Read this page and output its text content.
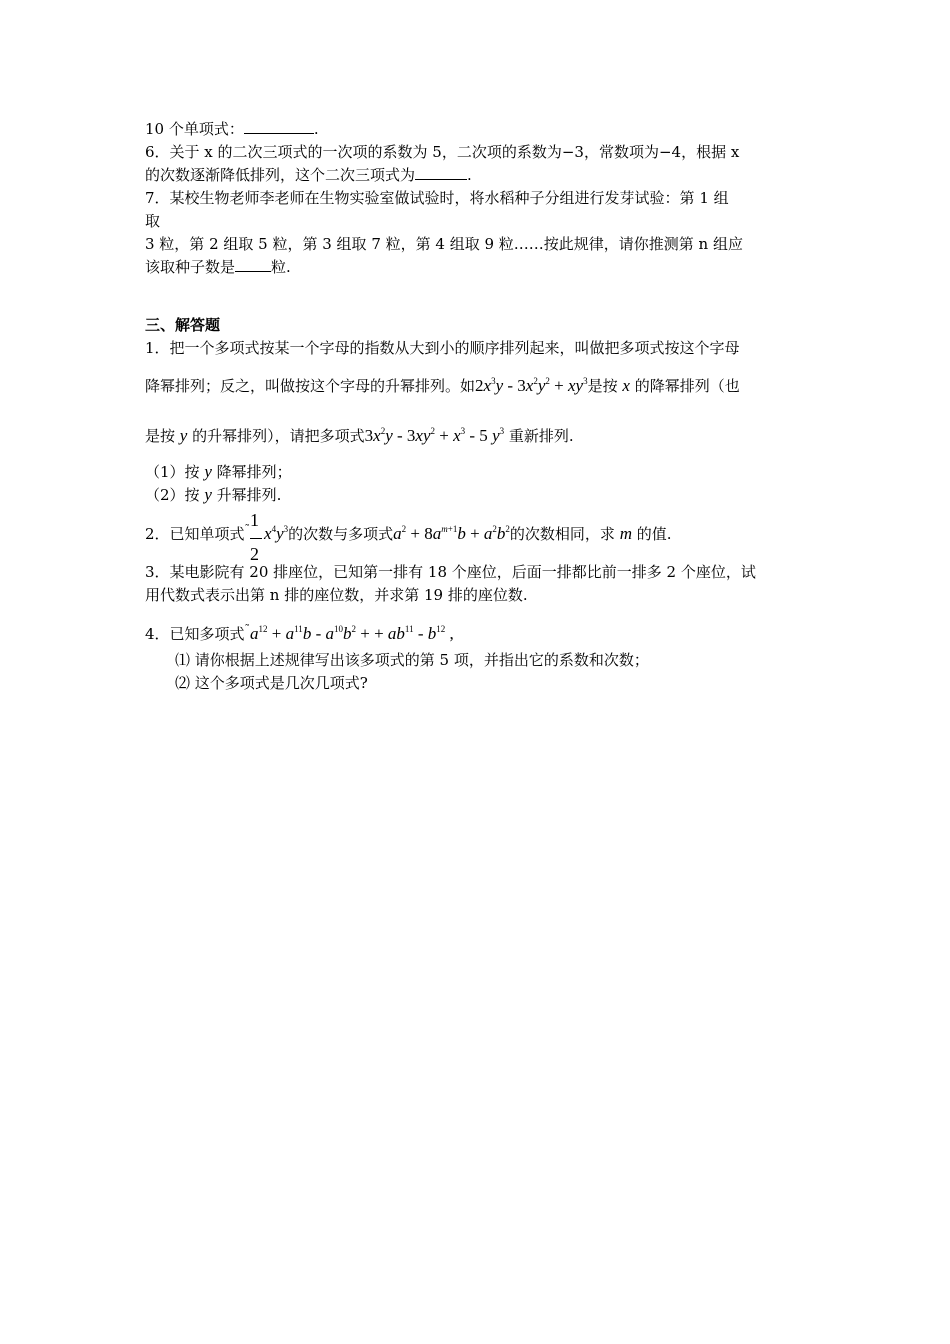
10 个单项式：	.
6．关于 x 的二次三项式的一次项的系数为 5，二次项的系数为−3，常数项为−4，根据 x
的次数逐渐降低排列，这个二次三项式为	.
7．某校生物老师李老师在生物实验室做试验时，将水稻种子分组进行发芽试验：第 1 组
取
3 粒，第 2 组取 5 粒，第 3 组取 7 粒，第 4 组取 9 粒……按此规律，请你推测第 n 组应
该取种子数是 粒.
三、解答题
1．把一个多项式按某一个字母的指数从大到小的顺序排列起来，叫做把多项式按这个字母
降幂排列；反之，叫做按这个字母的升幂排列。如$2x^3y - 3x^2y^2 + xy^3$是按 x 的降幂排列（也
是按 y 的升幂排列），请把多项式$3x^2y - 3xy^2 + x^3 - 5$ $y^3$ 重新排列.
（1）按 y 降幂排列；
（2）按 y 升幂排列.
2．已知单项式$^˜ \frac{1}{2} x^4y^3$的次数与多项式$a^2 + 8a^{m+1}b + a^2b^2$的次数相同，求 m 的值.
3．某电影院有 20 排座位，已知第一排有 18 个座位，后面一排都比前一排多 2 个座位，试
用代数式表示出第 n 排的座位数，并求第 19 排的座位数.
4．已知多项式$^˜a^{12} + a^{11}b - a^{10}b^2$ + + $ab^{11} - b^{12}$ ,
⑴ 请你根据上述规律写出该多项式的第 5 项，并指出它的系数和次数；
⑵ 这个多项式是几次几项式?
